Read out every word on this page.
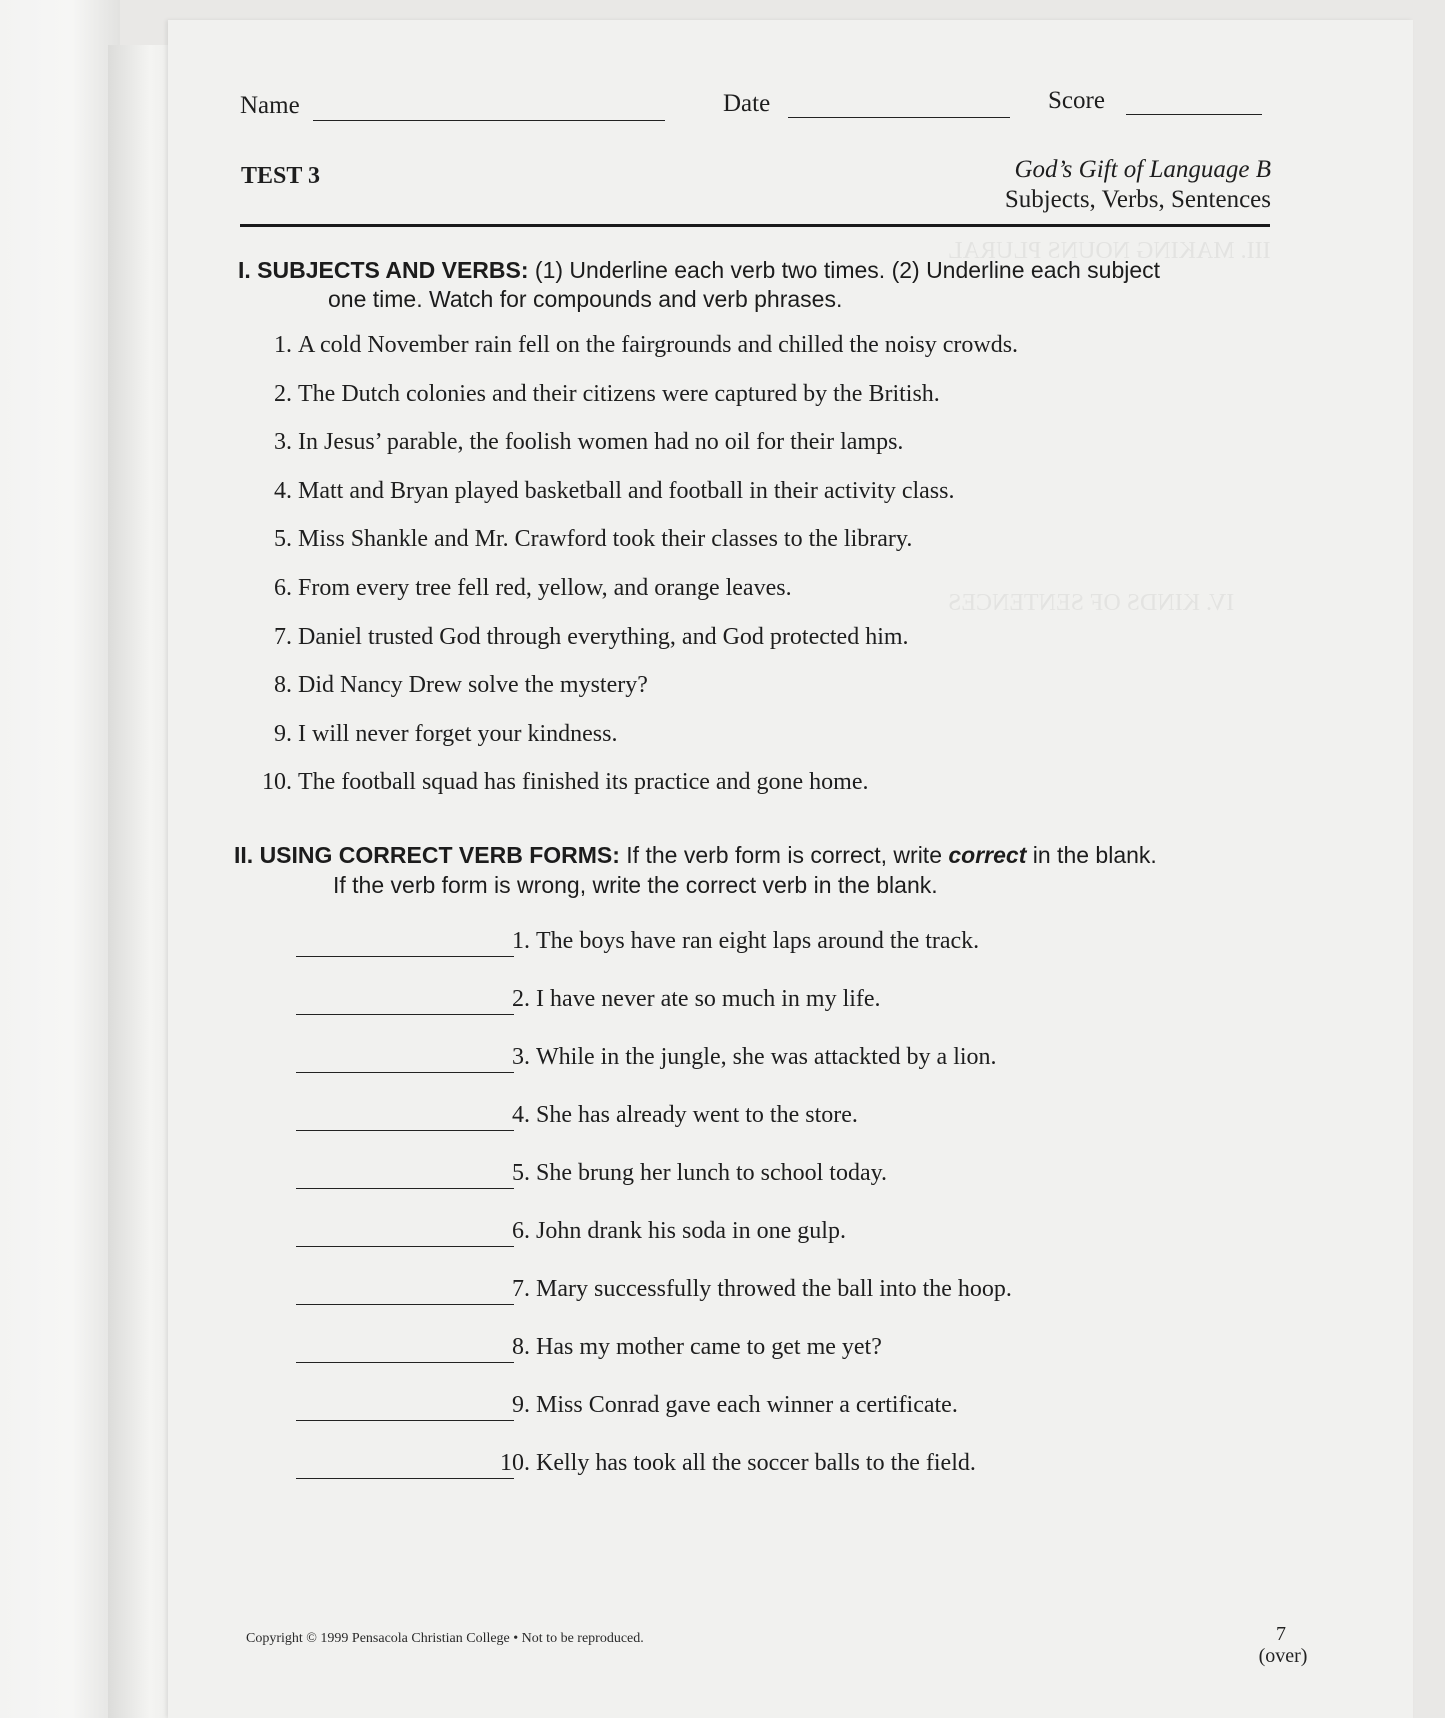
Name	Date	Score
TEST 3	God’s Gift of Language B
Subjects, Verbs, Sentences
III. MAKING NOUNS PLURAL
IV. KINDS OF SENTENCES
I. SUBJECTS AND VERBS: (1) Underline each verb two times. (2) Underline each subject
one time. Watch for compounds and verb phrases.
1. A cold November rain fell on the fairgrounds and chilled the noisy crowds.
2. The Dutch colonies and their citizens were captured by the British.
3. In Jesus’ parable, the foolish women had no oil for their lamps.
4. Matt and Bryan played basketball and football in their activity class.
5. Miss Shankle and Mr. Crawford took their classes to the library.
6. From every tree fell red, yellow, and orange leaves.
7. Daniel trusted God through everything, and God protected him.
8. Did Nancy Drew solve the mystery?
9. I will never forget your kindness.
10. The football squad has finished its practice and gone home.
II. USING CORRECT VERB FORMS: If the verb form is correct, write correct in the blank.
If the verb form is wrong, write the correct verb in the blank.
1. The boys have ran eight laps around the track.
2. I have never ate so much in my life.
3. While in the jungle, she was attackted by a lion.
4. She has already went to the store.
5. She brung her lunch to school today.
6. John drank his soda in one gulp.
7. Mary successfully throwed the ball into the hoop.
8. Has my mother came to get me yet?
9. Miss Conrad gave each winner a certificate.
10. Kelly has took all the soccer balls to the field.
Copyright © 1999 Pensacola Christian College • Not to be reproduced.	7
(over)
